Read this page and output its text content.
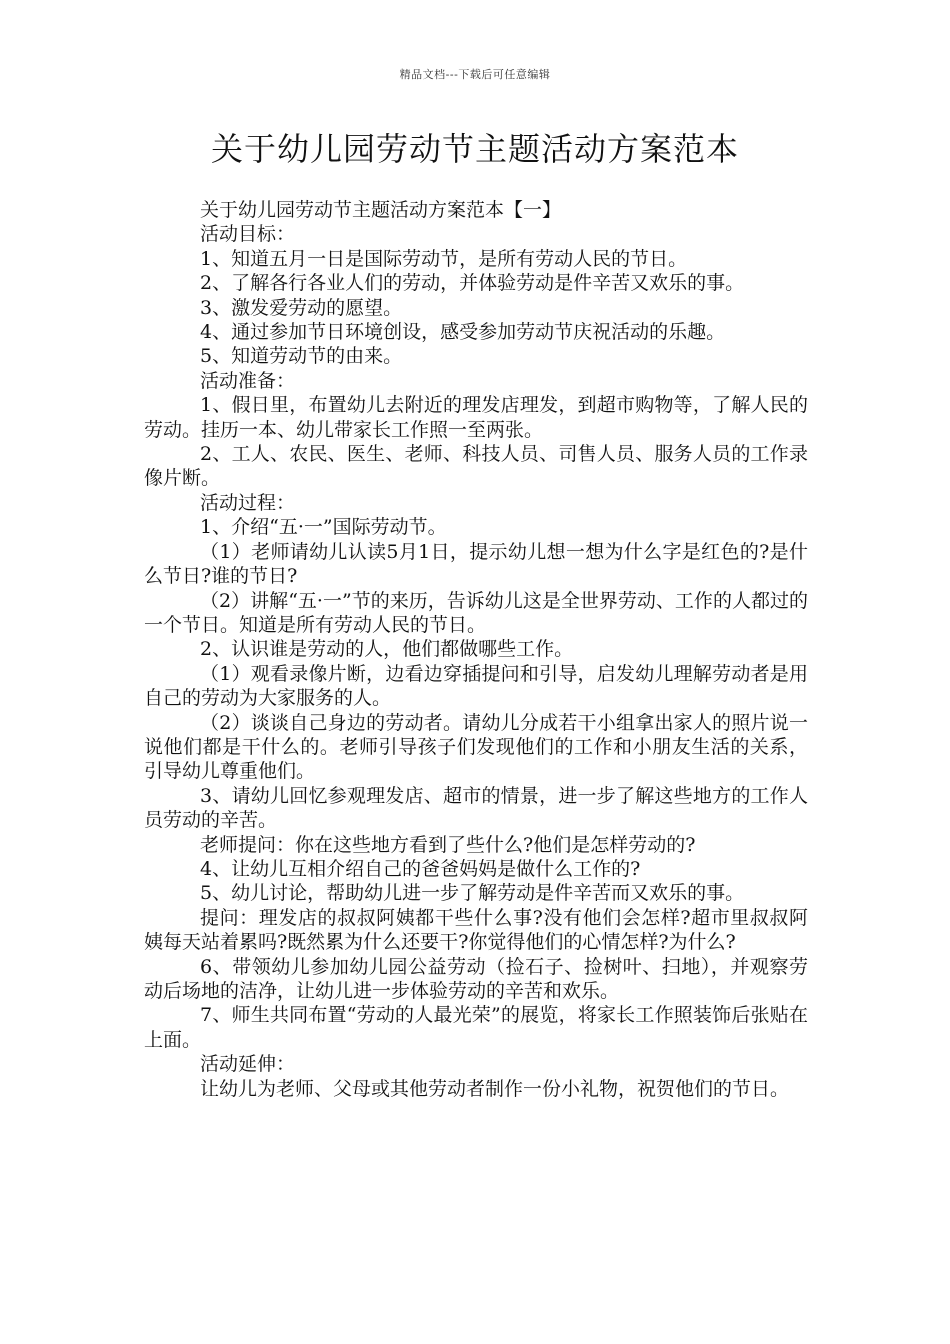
精品文档---下载后可任意编辑
关于幼儿园劳动节主题活动方案范本

关于幼儿园劳动节主题活动方案范本【一】

活动目标：

1、知道五月一日是国际劳动节，是所有劳动人民的节日。

2、了解各行各业人们的劳动，并体验劳动是件辛苦又欢乐的事。

3、激发爱劳动的愿望。

4、通过参加节日环境创设，感受参加劳动节庆祝活动的乐趣。

5、知道劳动节的由来。

活动准备：

1、假日里，布置幼儿去附近的理发店理发，到超市购物等，了解人民的劳动。挂历一本、幼儿带家长工作照一至两张。

2、工人、农民、医生、老师、科技人员、司售人员、服务人员的工作录像片断。

活动过程：

1、介绍“五·一”国际劳动节。

（1）老师请幼儿认读5月1日，提示幼儿想一想为什么字是红色的?是什么节日?谁的节日?

（2）讲解“五·一”节的来历，告诉幼儿这是全世界劳动、工作的人都过的一个节日。知道是所有劳动人民的节日。

2、认识谁是劳动的人，他们都做哪些工作。

（1）观看录像片断，边看边穿插提问和引导，启发幼儿理解劳动者是用自己的劳动为大家服务的人。

（2）谈谈自己身边的劳动者。请幼儿分成若干小组拿出家人的照片说一说他们都是干什么的。老师引导孩子们发现他们的工作和小朋友生活的关系，引导幼儿尊重他们。

3、请幼儿回忆参观理发店、超市的情景，进一步了解这些地方的工作人员劳动的辛苦。

老师提问：你在这些地方看到了些什么?他们是怎样劳动的?

4、让幼儿互相介绍自己的爸爸妈妈是做什么工作的?

5、幼儿讨论，帮助幼儿进一步了解劳动是件辛苦而又欢乐的事。

提问：理发店的叔叔阿姨都干些什么事?没有他们会怎样?超市里叔叔阿姨每天站着累吗?既然累为什么还要干?你觉得他们的心情怎样?为什么?

6、带领幼儿参加幼儿园公益劳动（捡石子、捡树叶、扫地），并观察劳动后场地的洁净，让幼儿进一步体验劳动的辛苦和欢乐。

7、师生共同布置“劳动的人最光荣”的展览，将家长工作照装饰后张贴在上面。

活动延伸：

让幼儿为老师、父母或其他劳动者制作一份小礼物，祝贺他们的节日。
